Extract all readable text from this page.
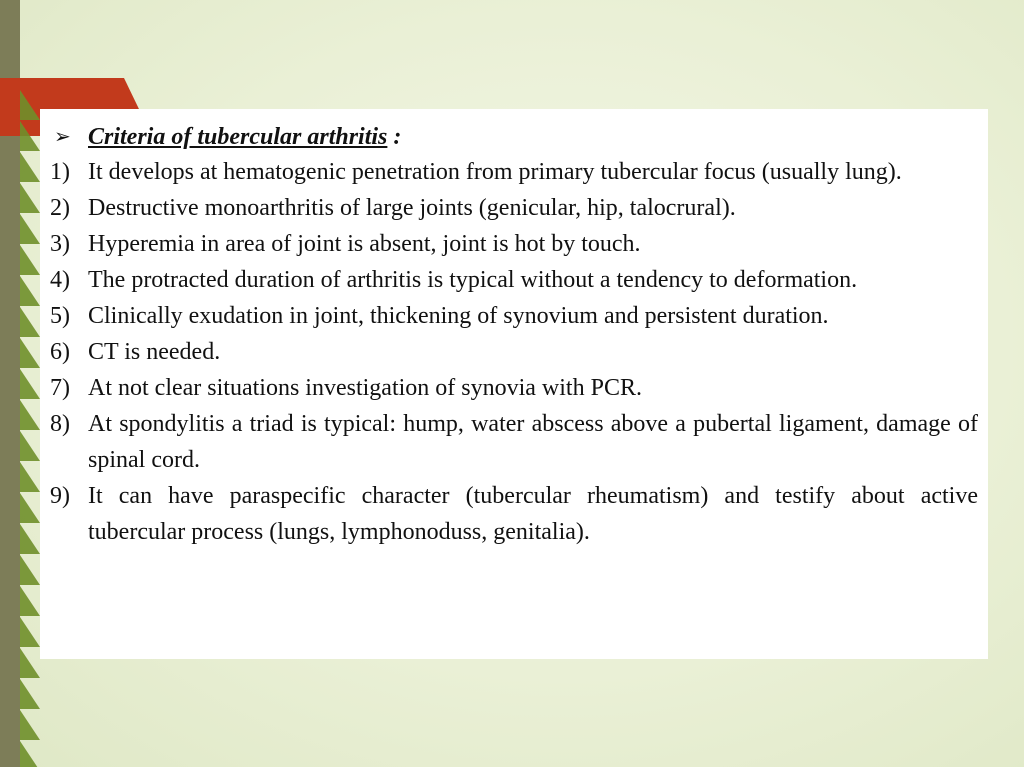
➢ Criteria of tubercular arthritis :
1) It develops at hematogenic penetration from primary tubercular focus (usually lung).
2) Destructive monoarthritis of large joints (genicular, hip, talocrural).
3) Hyperemia in area of joint is absent, joint is hot by touch.
4) The protracted duration of arthritis is typical without a tendency to deformation.
5) Clinically exudation in joint, thickening of synovium and persistent duration.
6) CT is needed.
7) At not clear situations investigation of synovia with PCR.
8) At spondylitis a triad is typical: hump, water abscess above a pubertal ligament, damage of spinal cord.
9) It can have paraspecific character (tubercular rheumatism) and testify about active tubercular process (lungs, lymphonoduss, genitalia).
